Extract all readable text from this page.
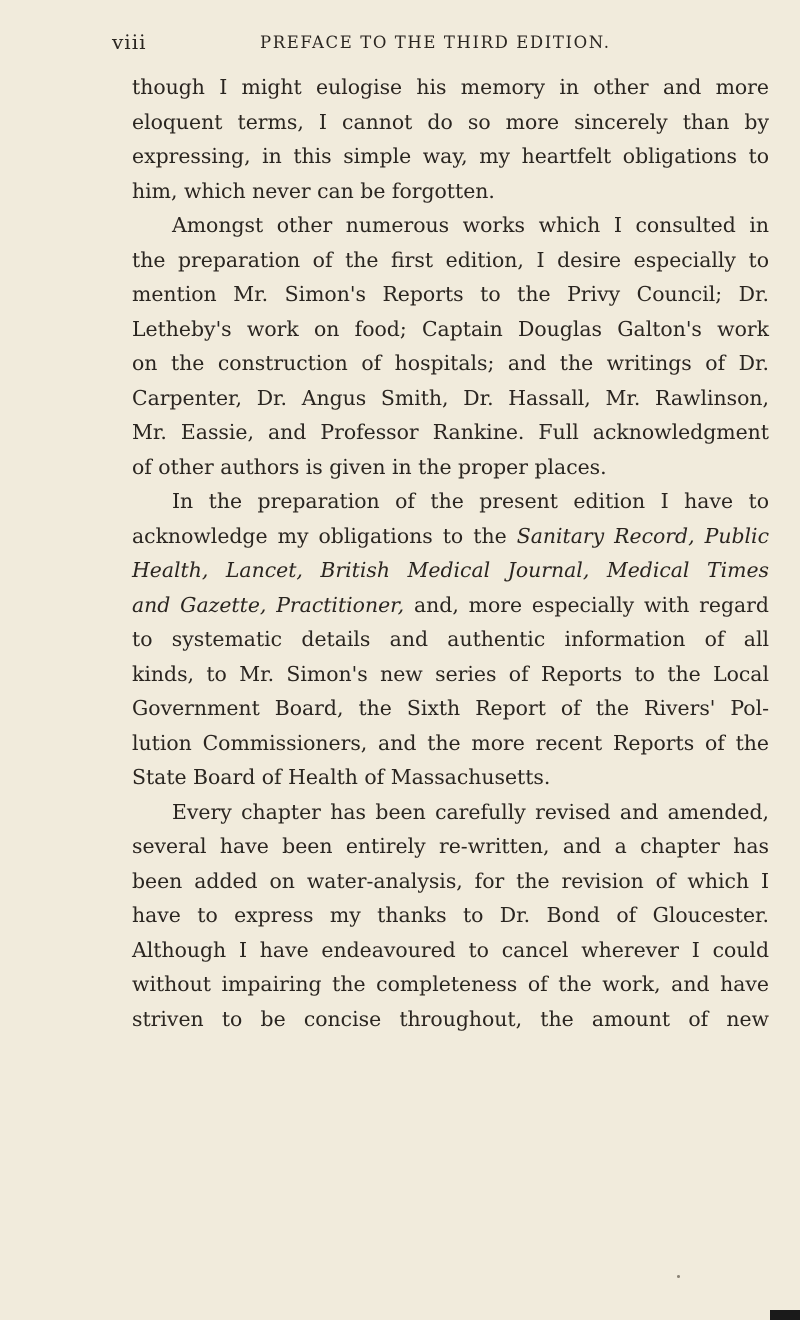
viii	PREFACE TO THE THIRD EDITION.
though I might eulogise his memory in other and more
eloquent terms, I cannot do so more sincerely than by
expressing, in this simple way, my heartfelt obligations to
him, which never can be forgotten.
Amongst other numerous works which I consulted in
the preparation of the first edition, I desire especially to
mention Mr. Simon's Reports to the Privy Council; Dr.
Letheby's work on food; Captain Douglas Galton's work
on the construction of hospitals; and the writings of Dr.
Carpenter, Dr. Angus Smith, Dr. Hassall, Mr. Rawlinson,
Mr. Eassie, and Professor Rankine. Full acknowledgment
of other authors is given in the proper places.
In the preparation of the present edition I have to
acknowledge my obligations to the Sanitary Record, Public
Health, Lancet, British Medical Journal, Medical Times
and Gazette, Practitioner, and, more especially with regard
to systematic details and authentic information of all
kinds, to Mr. Simon's new series of Reports to the Local
Government Board, the Sixth Report of the Rivers' Pol-
lution Commissioners, and the more recent Reports of the
State Board of Health of Massachusetts.
Every chapter has been carefully revised and amended,
several have been entirely re-written, and a chapter has
been added on water-analysis, for the revision of which I
have to express my thanks to Dr. Bond of Gloucester.
Although I have endeavoured to cancel wherever I could
without impairing the completeness of the work, and have
striven to be concise throughout, the amount of new
